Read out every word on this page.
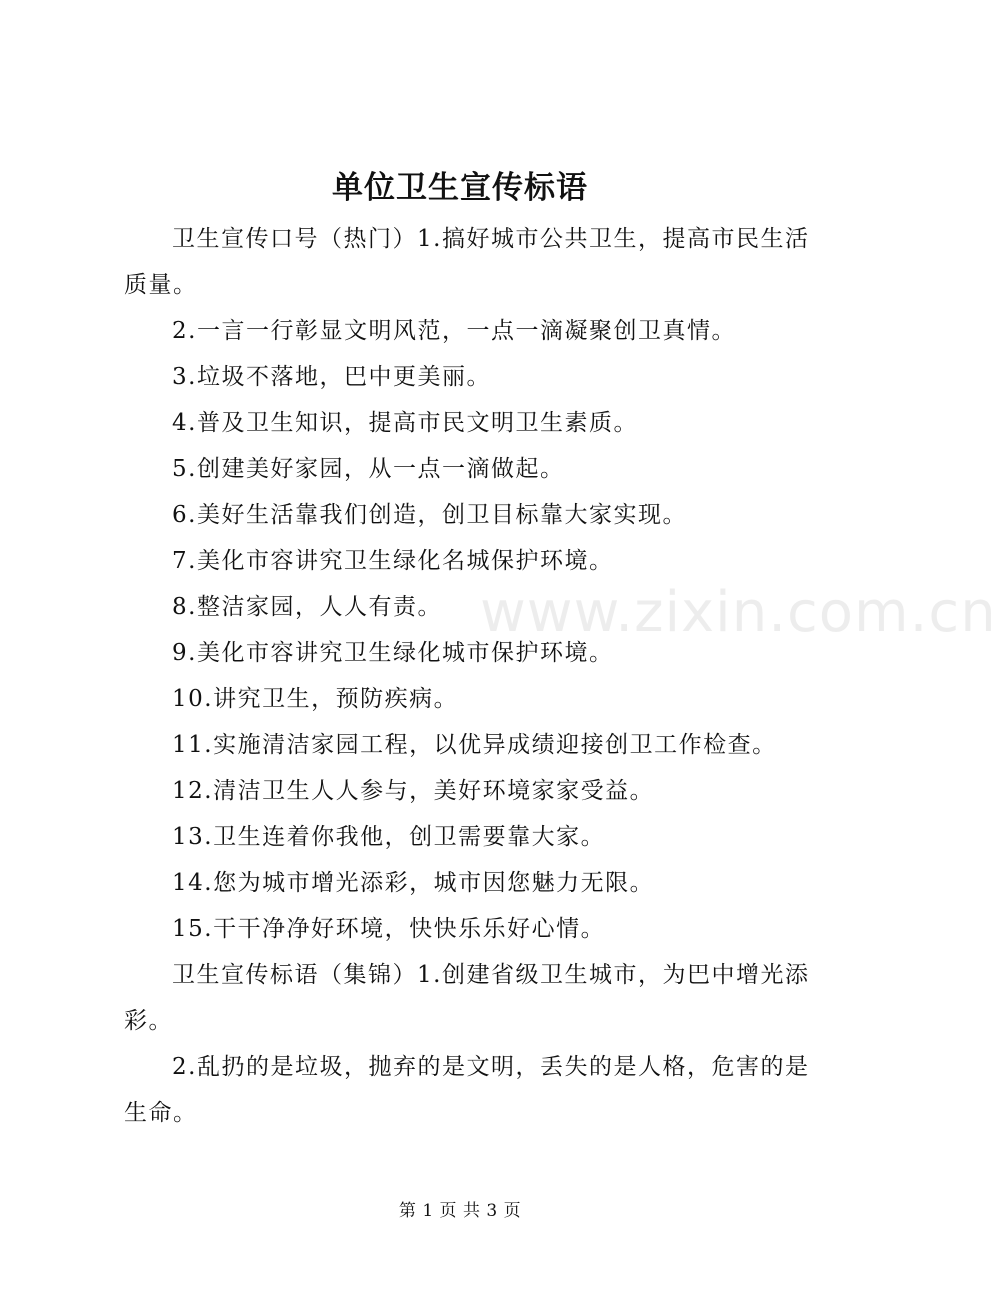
单位卫生宣传标语

卫生宣传口号（热门）1.搞好城市公共卫生，提高市民生活质量。

2.一言一行彰显文明风范，一点一滴凝聚创卫真情。

3.垃圾不落地，巴中更美丽。

4.普及卫生知识，提高市民文明卫生素质。

5.创建美好家园，从一点一滴做起。

6.美好生活靠我们创造，创卫目标靠大家实现。

7.美化市容讲究卫生绿化名城保护环境。

8.整洁家园，人人有责。

9.美化市容讲究卫生绿化城市保护环境。

10.讲究卫生，预防疾病。

11.实施清洁家园工程，以优异成绩迎接创卫工作检查。

12.清洁卫生人人参与，美好环境家家受益。

13.卫生连着你我他，创卫需要靠大家。

14.您为城市增光添彩，城市因您魅力无限。

15.干干净净好环境，快快乐乐好心情。

卫生宣传标语（集锦）1.创建省级卫生城市，为巴中增光添彩。

2.乱扔的是垃圾，抛弃的是文明，丢失的是人格，危害的是生命。

www.zixin.com.cn
第 1 页 共 3 页
